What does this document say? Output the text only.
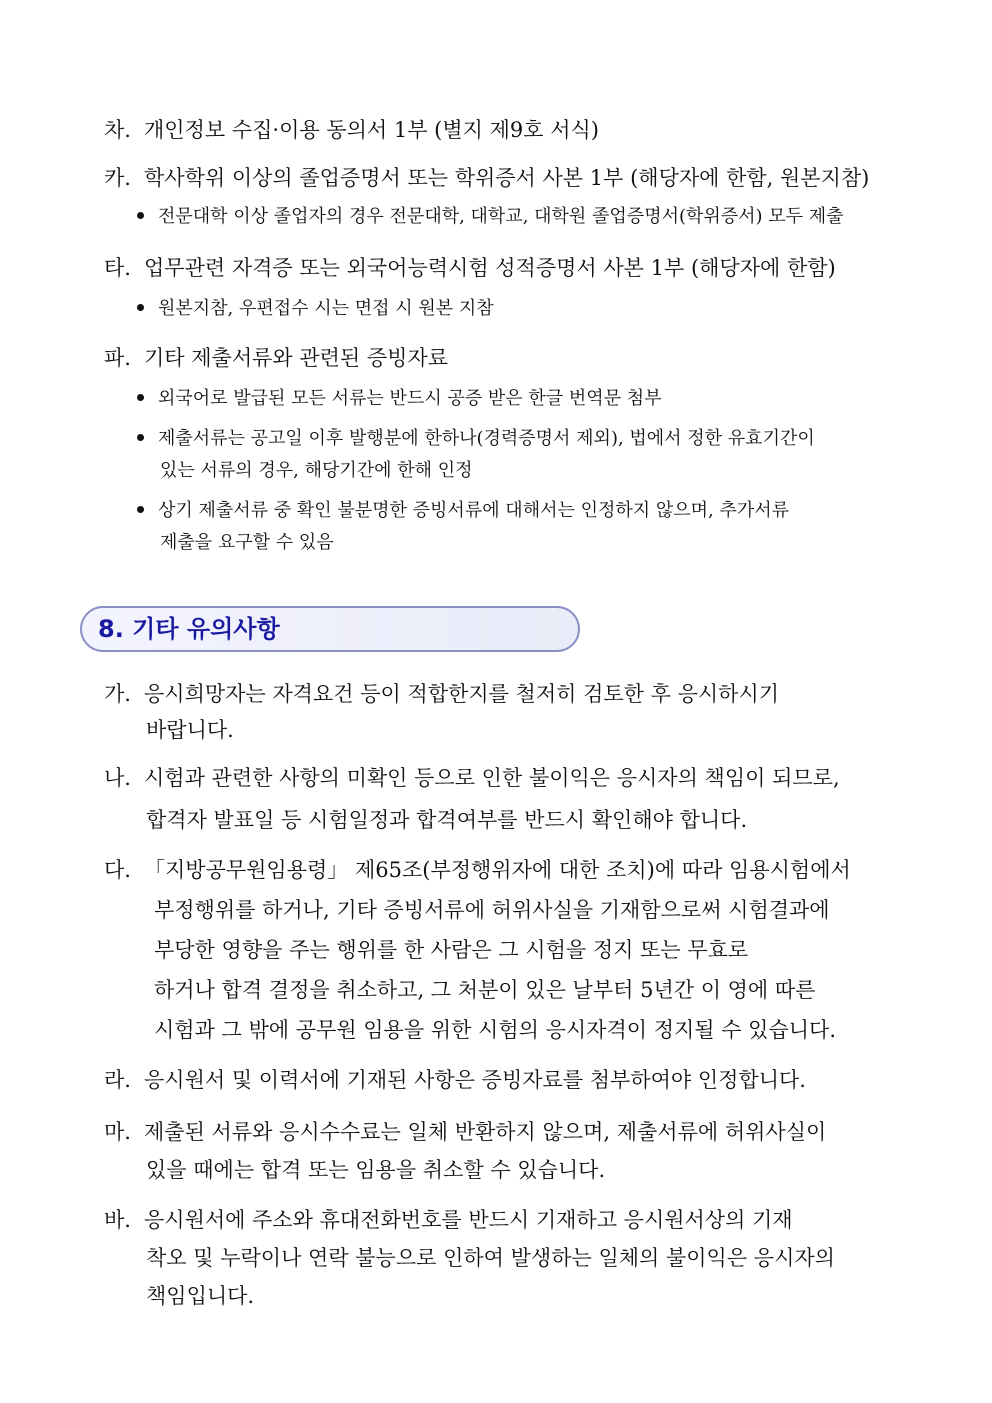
차. 개인정보 수집·이용 동의서 1부 (별지 제9호 서식)
카. 학사학위 이상의 졸업증명서 또는 학위증서 사본 1부 (해당자에 한함, 원본지참)
전문대학 이상 졸업자의 경우 전문대학, 대학교, 대학원 졸업증명서(학위증서) 모두 제출
타. 업무관련 자격증 또는 외국어능력시험 성적증명서 사본 1부 (해당자에 한함)
원본지참, 우편접수 시는 면접 시 원본 지참
파. 기타 제출서류와 관련된 증빙자료
외국어로 발급된 모든 서류는 반드시 공증 받은 한글 번역문 첨부
제출서류는 공고일 이후 발행분에 한하나(경력증명서 제외), 법에서 정한 유효기간이
있는 서류의 경우, 해당기간에 한해 인정
상기 제출서류 중 확인 불분명한 증빙서류에 대해서는 인정하지 않으며, 추가서류
제출을 요구할 수 있음
8. 기타 유의사항
가. 응시희망자는 자격요건 등이 적합한지를 철저히 검토한 후 응시하시기
바랍니다.
나. 시험과 관련한 사항의 미확인 등으로 인한 불이익은 응시자의 책임이 되므로,
합격자 발표일 등 시험일정과 합격여부를 반드시 확인해야 합니다.
다. 「지방공무원임용령」 제65조(부정행위자에 대한 조치)에 따라 임용시험에서
부정행위를 하거나, 기타 증빙서류에 허위사실을 기재함으로써 시험결과에
부당한 영향을 주는 행위를 한 사람은 그 시험을 정지 또는 무효로
하거나 합격 결정을 취소하고, 그 처분이 있은 날부터 5년간 이 영에 따른
시험과 그 밖에 공무원 임용을 위한 시험의 응시자격이 정지될 수 있습니다.
라. 응시원서 및 이력서에 기재된 사항은 증빙자료를 첨부하여야 인정합니다.
마. 제출된 서류와 응시수수료는 일체 반환하지 않으며, 제출서류에 허위사실이
있을 때에는 합격 또는 임용을 취소할 수 있습니다.
바. 응시원서에 주소와 휴대전화번호를 반드시 기재하고 응시원서상의 기재
착오 및 누락이나 연락 불능으로 인하여 발생하는 일체의 불이익은 응시자의
책임입니다.
